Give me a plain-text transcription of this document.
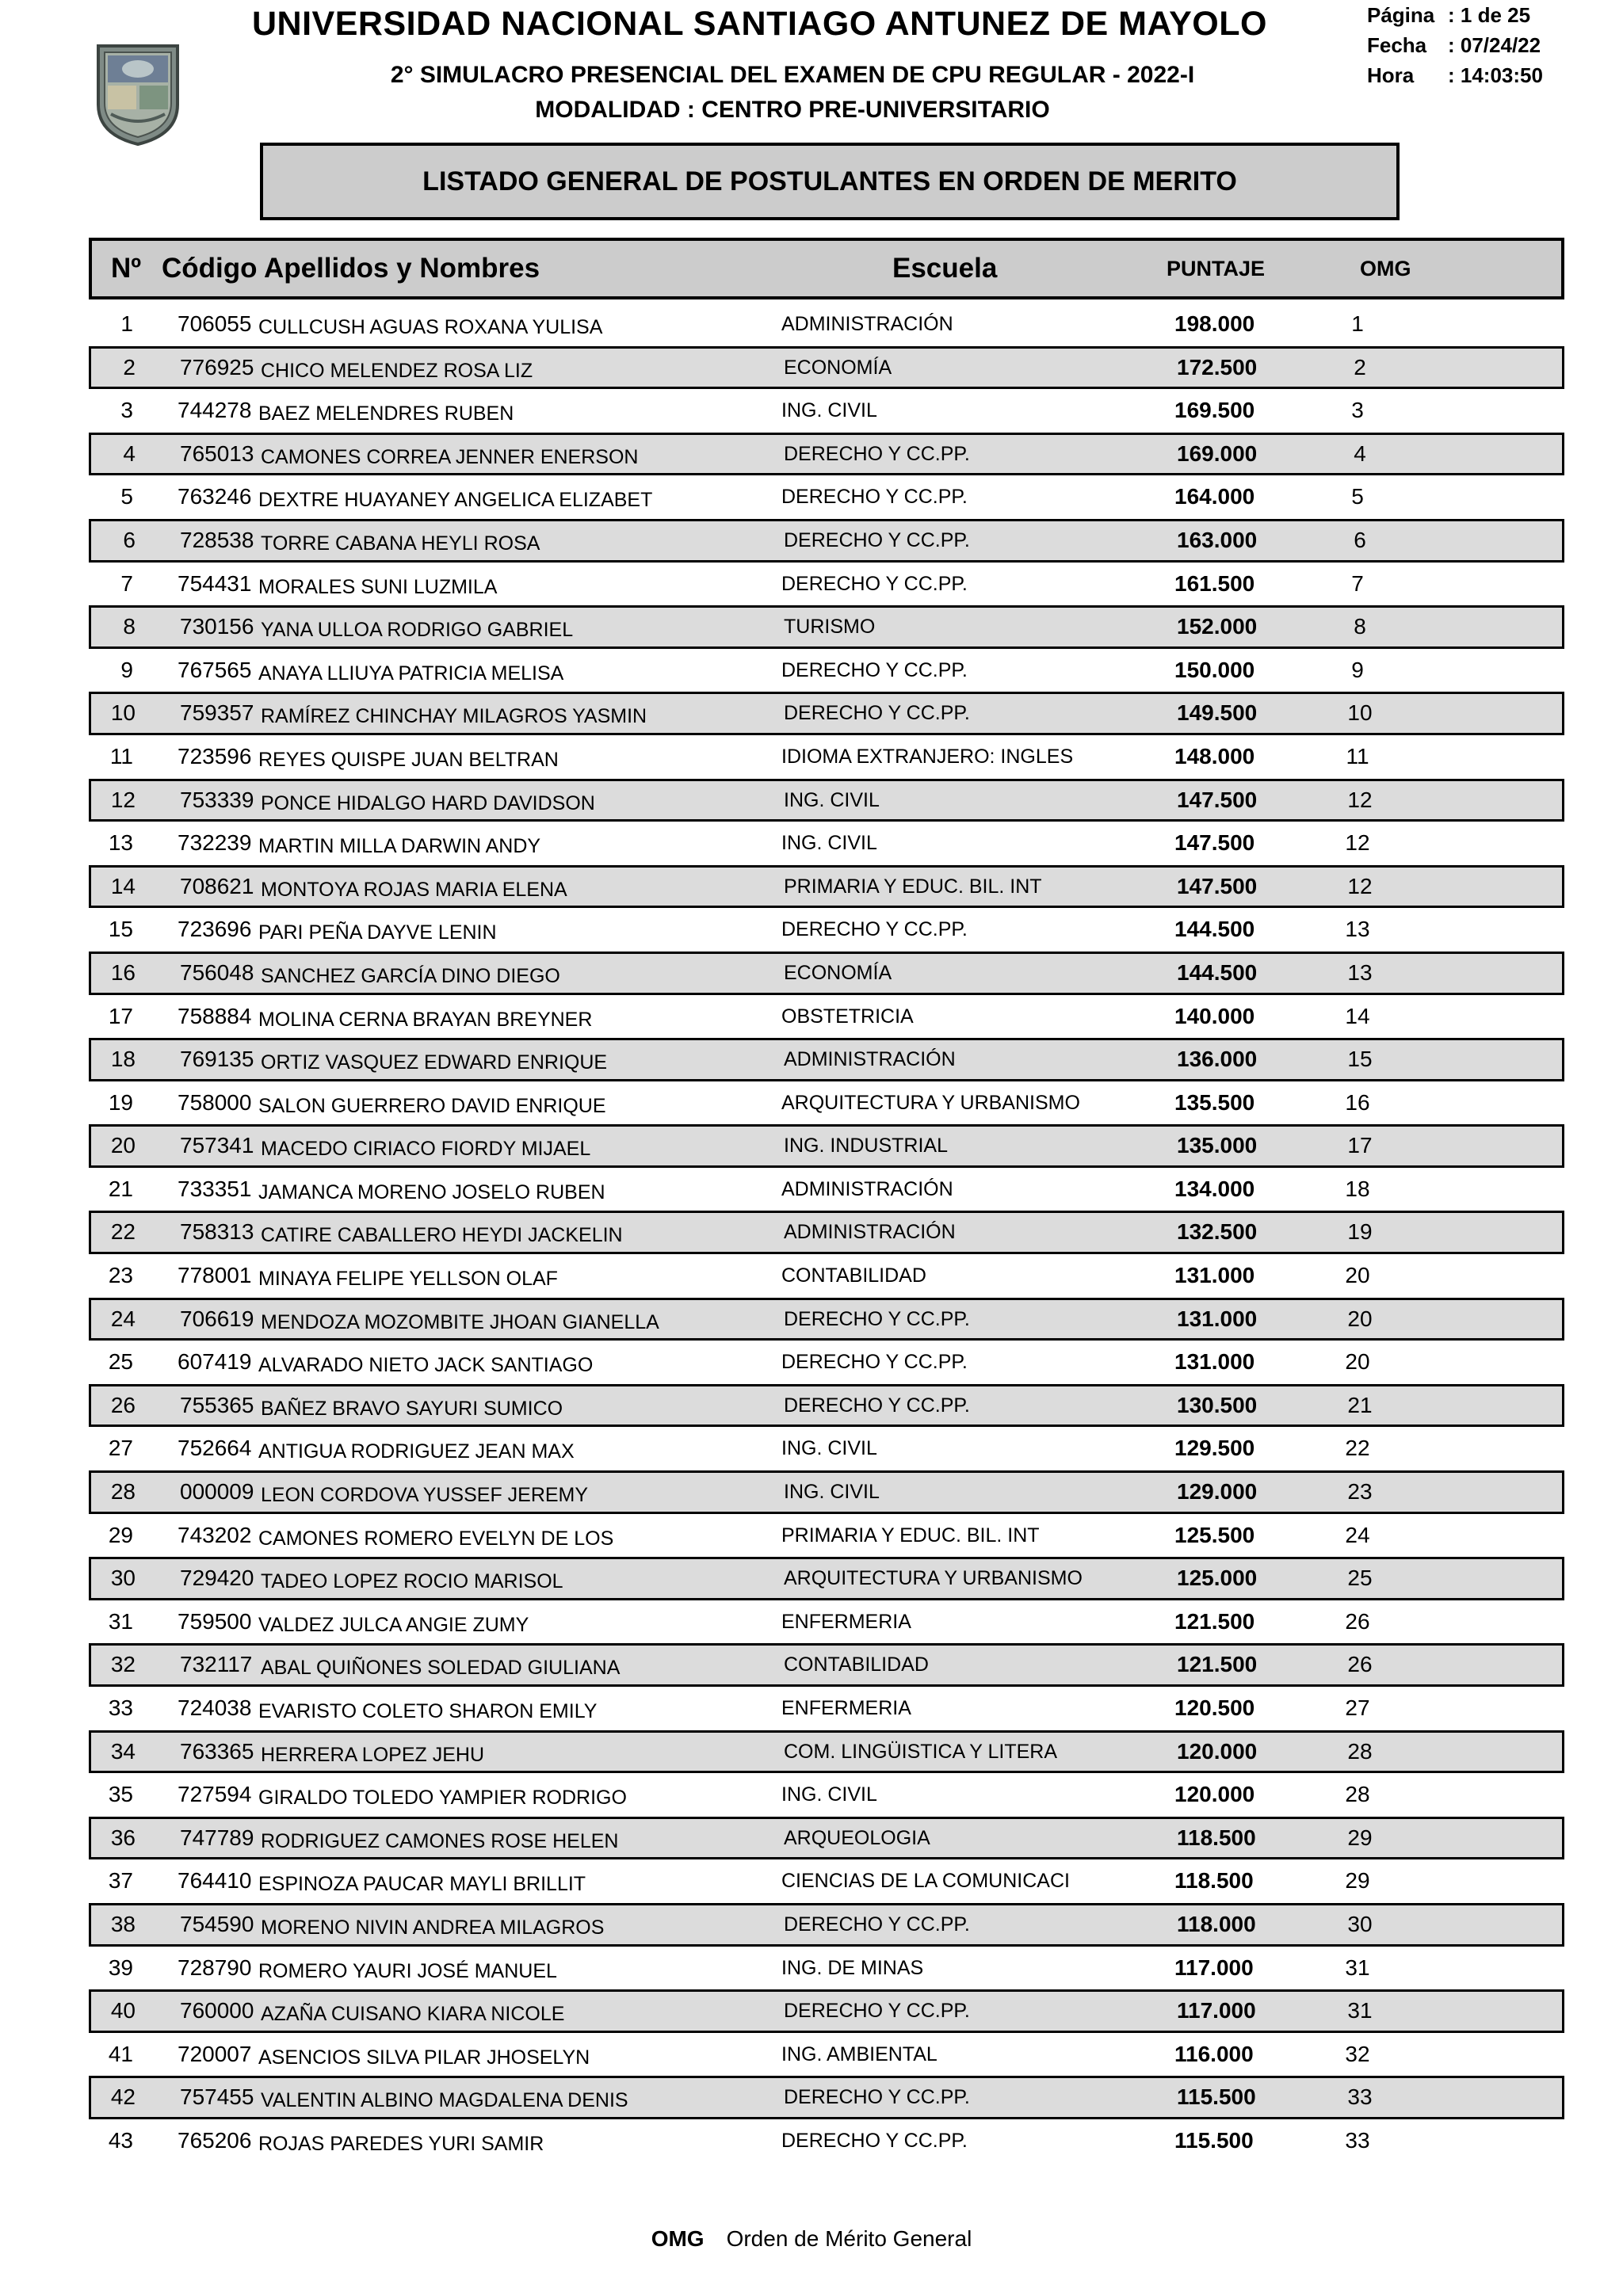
UNIVERSIDAD NACIONAL SANTIAGO ANTUNEZ DE MAYOLO
2° SIMULACRO PRESENCIAL DEL EXAMEN DE CPU REGULAR - 2022-I
MODALIDAD : CENTRO PRE-UNIVERSITARIO
Página : 1 de 25
Fecha	: 07/24/22
Hora	: 14:03:50
LISTADO GENERAL DE POSTULANTES EN ORDEN DE MERITO
Nº Código Apellidos y Nombres	Escuela	PUNTAJE	OMG
1 706055 CULLCUSH AGUAS ROXANA YULISA	ADMINISTRACIÓN	198.000	1
2 776925 CHICO MELENDEZ ROSA LIZ	ECONOMÍA	172.500	2
3 744278 BAEZ MELENDRES RUBEN	ING. CIVIL	169.500	3
4 765013 CAMONES CORREA JENNER ENERSON	DERECHO Y CC.PP.	169.000	4
5 763246 DEXTRE HUAYANEY ANGELICA ELIZABET	DERECHO Y CC.PP.	164.000	5
6 728538 TORRE CABANA HEYLI ROSA	DERECHO Y CC.PP.	163.000	6
7 754431 MORALES SUNI LUZMILA	DERECHO Y CC.PP.	161.500	7
8 730156 YANA ULLOA RODRIGO GABRIEL	TURISMO	152.000	8
9 767565 ANAYA LLIUYA PATRICIA MELISA	DERECHO Y CC.PP.	150.000	9
10 759357 RAMÍREZ CHINCHAY MILAGROS YASMIN	DERECHO Y CC.PP.	149.500	10
11 723596 REYES QUISPE JUAN BELTRAN	IDIOMA EXTRANJERO: INGLES	148.000	11
12 753339 PONCE HIDALGO HARD DAVIDSON	ING. CIVIL	147.500	12
13 732239 MARTIN MILLA DARWIN ANDY	ING. CIVIL	147.500	12
14 708621 MONTOYA ROJAS MARIA ELENA	PRIMARIA Y EDUC. BIL. INT	147.500	12
15 723696 PARI PEÑA DAYVE LENIN	DERECHO Y CC.PP.	144.500	13
16 756048 SANCHEZ GARCÍA DINO DIEGO	ECONOMÍA	144.500	13
17 758884 MOLINA CERNA BRAYAN BREYNER	OBSTETRICIA	140.000	14
18 769135 ORTIZ VASQUEZ EDWARD ENRIQUE	ADMINISTRACIÓN	136.000	15
19 758000 SALON GUERRERO DAVID ENRIQUE	ARQUITECTURA Y URBANISMO	135.500	16
20 757341 MACEDO CIRIACO FIORDY MIJAEL	ING. INDUSTRIAL	135.000	17
21 733351 JAMANCA MORENO JOSELO RUBEN	ADMINISTRACIÓN	134.000	18
22 758313 CATIRE CABALLERO HEYDI JACKELIN	ADMINISTRACIÓN	132.500	19
23 778001 MINAYA FELIPE YELLSON OLAF	CONTABILIDAD	131.000	20
24 706619 MENDOZA MOZOMBITE JHOAN GIANELLA	DERECHO Y CC.PP.	131.000	20
25 607419 ALVARADO NIETO JACK SANTIAGO	DERECHO Y CC.PP.	131.000	20
26 755365 BAÑEZ BRAVO SAYURI SUMICO	DERECHO Y CC.PP.	130.500	21
27 752664 ANTIGUA RODRIGUEZ JEAN MAX	ING. CIVIL	129.500	22
28 000009 LEON CORDOVA YUSSEF JEREMY	ING. CIVIL	129.000	23
29 743202 CAMONES ROMERO EVELYN DE LOS	PRIMARIA Y EDUC. BIL. INT	125.500	24
30 729420 TADEO LOPEZ ROCIO MARISOL	ARQUITECTURA Y URBANISMO	125.000	25
31 759500 VALDEZ JULCA ANGIE ZUMY	ENFERMERIA	121.500	26
32 732117 ABAL QUIÑONES SOLEDAD GIULIANA	CONTABILIDAD	121.500	26
33 724038 EVARISTO COLETO SHARON EMILY	ENFERMERIA	120.500	27
34 763365 HERRERA LOPEZ JEHU	COM. LINGÜISTICA Y LITERA	120.000	28
35 727594 GIRALDO TOLEDO YAMPIER RODRIGO	ING. CIVIL	120.000	28
36 747789 RODRIGUEZ CAMONES ROSE HELEN	ARQUEOLOGIA	118.500	29
37 764410 ESPINOZA PAUCAR MAYLI BRILLIT	CIENCIAS DE LA COMUNICACI	118.500	29
38 754590 MORENO NIVIN ANDREA MILAGROS	DERECHO Y CC.PP.	118.000	30
39 728790 ROMERO YAURI JOSÉ MANUEL	ING. DE MINAS	117.000	31
40 760000 AZAÑA CUISANO KIARA NICOLE	DERECHO Y CC.PP.	117.000	31
41 720007 ASENCIOS SILVA PILAR JHOSELYN	ING. AMBIENTAL	116.000	32
42 757455 VALENTIN ALBINO MAGDALENA DENIS	DERECHO Y CC.PP.	115.500	33
43 765206 ROJAS PAREDES YURI SAMIR	DERECHO Y CC.PP.	115.500	33
OMG Orden de Mérito General
